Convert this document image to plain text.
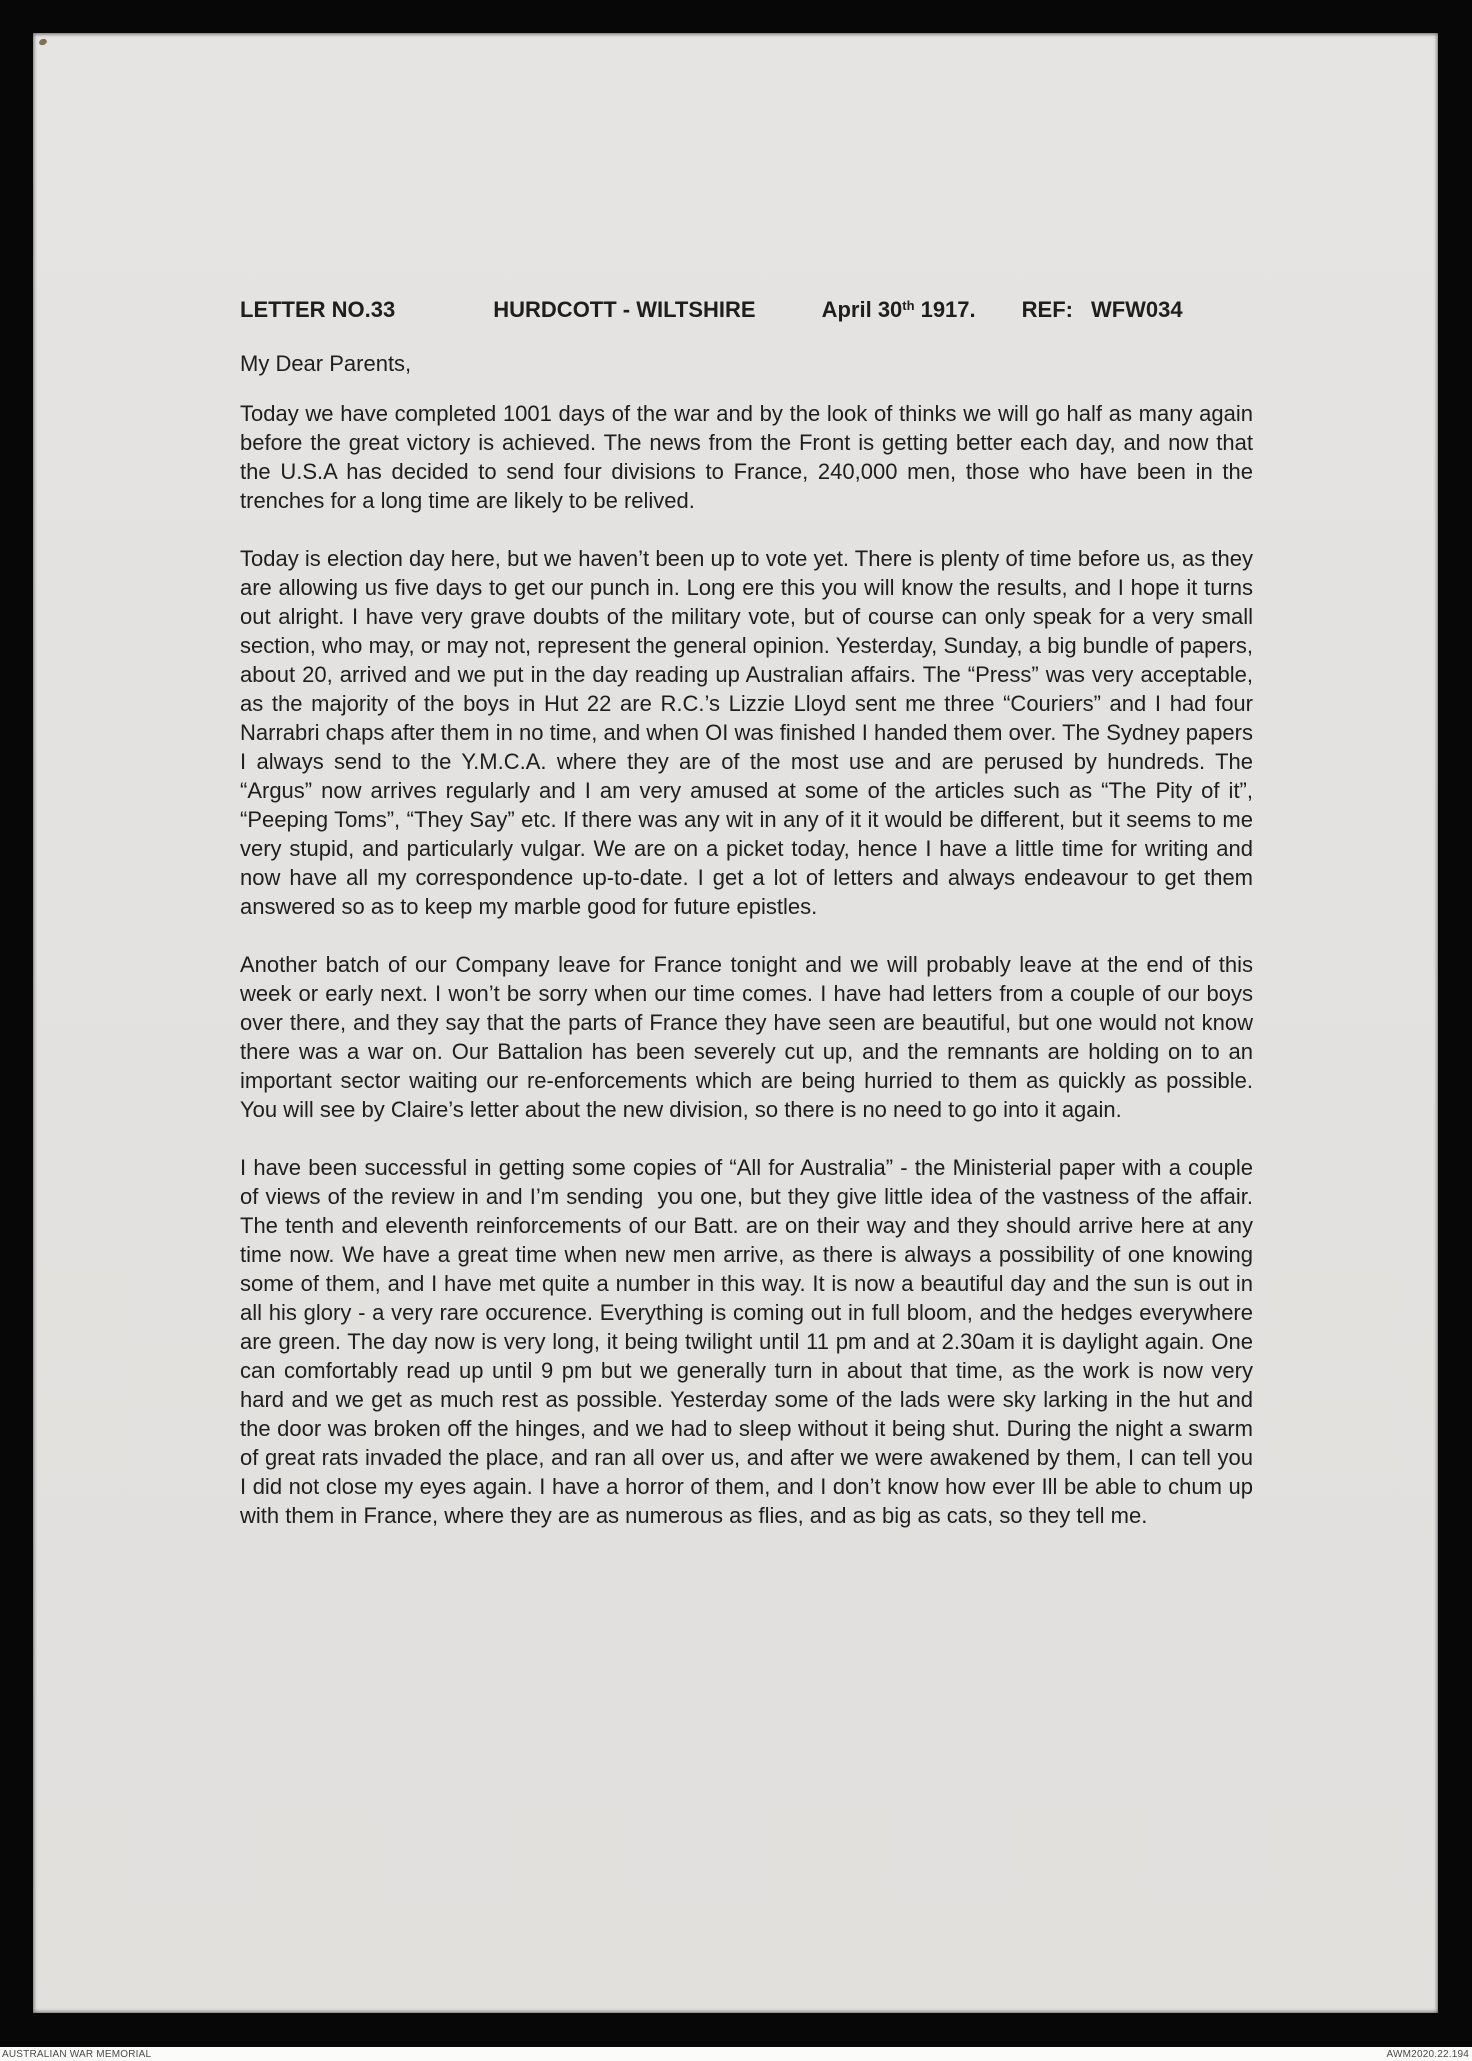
LETTER NO.33	HURDCOTT - WILTSHIRE	April 30th 1917. REF: WFW034
My Dear Parents,
Today we have completed 1001 days of the war and by the look of thinks we will go half as many again before the great victory is achieved. The news from the Front is getting better each day, and now that the U.S.A has decided to send four divisions to France, 240,000 men, those who have been in the trenches for a long time are likely to be relived.
Today is election day here, but we haven’t been up to vote yet. There is plenty of time before us, as they are allowing us five days to get our punch in. Long ere this you will know the results, and I hope it turns out alright. I have very grave doubts of the military vote, but of course can only speak for a very small section, who may, or may not, represent the general opinion. Yesterday, Sunday, a big bundle of papers, about 20, arrived and we put in the day reading up Australian affairs. The “Press” was very acceptable, as the majority of the boys in Hut 22 are R.C.’s Lizzie Lloyd sent me three “Couriers” and I had four Narrabri chaps after them in no time, and when OI was finished I handed them over. The Sydney papers I always send to the Y.M.C.A. where they are of the most use and are perused by hundreds. The “Argus” now arrives regularly and I am very amused at some of the articles such as “The Pity of it”, “Peeping Toms”, “They Say” etc. If there was any wit in any of it it would be different, but it seems to me very stupid, and particularly vulgar. We are on a picket today, hence I have a little time for writing and now have all my correspondence up-to-date. I get a lot of letters and always endeavour to get them answered so as to keep my marble good for future epistles.
Another batch of our Company leave for France tonight and we will probably leave at the end of this week or early next. I won’t be sorry when our time comes. I have had letters from a couple of our boys over there, and they say that the parts of France they have seen are beautiful, but one would not know there was a war on. Our Battalion has been severely cut up, and the remnants are holding on to an important sector waiting our re-enforcements which are being hurried to them as quickly as possible. You will see by Claire’s letter about the new division, so there is no need to go into it again.
I have been successful in getting some copies of “All for Australia” - the Ministerial paper with a couple of views of the review in and I’m sending  you one, but they give little idea of the vastness of the affair. The tenth and eleventh reinforcements of our Batt. are on their way and they should arrive here at any time now. We have a great time when new men arrive, as there is always a possibility of one knowing some of them, and I have met quite a number in this way. It is now a beautiful day and the sun is out in all his glory - a very rare occurence. Everything is coming out in full bloom, and the hedges everywhere are green. The day now is very long, it being twilight until 11 pm and at 2.30am it is daylight again. One can comfortably read up until 9 pm but we generally turn in about that time, as the work is now very hard and we get as much rest as possible. Yesterday some of the lads were sky larking in the hut and the door was broken off the hinges, and we had to sleep without it being shut. During the night a swarm of great rats invaded the place, and ran all over us, and after we were awakened by them, I can tell you I did not close my eyes again. I have a horror of them, and I don’t know how ever Ill be able to chum up with them in France, where they are as numerous as flies, and as big as cats, so they tell me.
AUSTRALIAN WAR MEMORIAL	AWM2020.22.194
